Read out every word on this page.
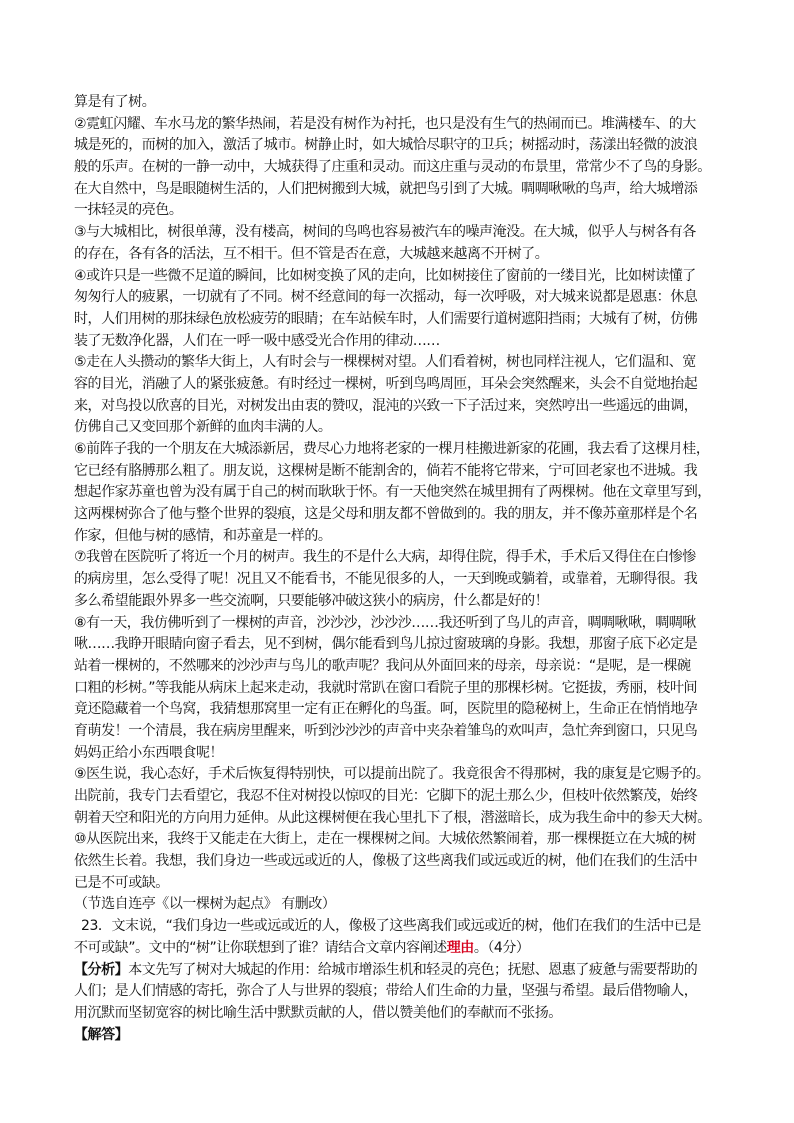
算是有了树。
②霓虹闪耀、车水马龙的繁华热闹，若是没有树作为衬托，也只是没有生气的热闹而已。堆满楼车、的大
城是死的，而树的加入，激活了城市。树静止时，如大城恰尽职守的卫兵；树摇动时，荡漾出轻微的波浪
般的乐声。在树的一静一动中，大城获得了庄重和灵动。而这庄重与灵动的布景里，常常少不了鸟的身影。
在大自然中，鸟是眼随树生活的，人们把树搬到大城，就把鸟引到了大城。啁啁啾啾的鸟声，给大城增添
一抹轻灵的亮色。
③与大城相比，树很单薄，没有楼高，树间的鸟鸣也容易被汽车的噪声淹没。在大城，似乎人与树各有各
的存在，各有各的活法，互不相干。但不管是否在意，大城越来越离不开树了。
④或许只是一些微不足道的瞬间，比如树变换了风的走向，比如树接住了窗前的一缕目光，比如树读懂了
匆匆行人的疲累，一切就有了不同。树不经意间的每一次摇动，每一次呼吸，对大城来说都是恩惠：休息
时，人们用树的那抹绿色放松疲劳的眼睛；在车站候车时，人们需要行道树遮阳挡雨；大城有了树，仿佛
装了无数净化器，人们在一呼一吸中感受光合作用的律动……
⑤走在人头攒动的繁华大街上，人有时会与一棵棵树对望。人们看着树，树也同样注视人，它们温和、宽
容的目光，消融了人的紧张疲惫。有时经过一棵树，听到鸟鸣周匝，耳朵会突然醒来，头会不自觉地抬起
来，对鸟投以欣喜的目光，对树发出由衷的赞叹，混沌的兴致一下子活过来，突然哼出一些遥远的曲调，
仿佛自己又变回那个新鲜的血肉丰满的人。
⑥前阵子我的一个朋友在大城添新居，费尽心力地将老家的一棵月桂搬进新家的花圃，我去看了这棵月桂，
它已经有胳膊那么粗了。朋友说，这棵树是断不能割舍的，倘若不能将它带来，宁可回老家也不进城。我
想起作家苏童也曾为没有属于自己的树而耿耿于怀。有一天他突然在城里拥有了两棵树。他在文章里写到，
这两棵树弥合了他与整个世界的裂痕，这是父母和朋友都不曾做到的。我的朋友，并不像苏童那样是个名
作家，但他与树的感情，和苏童是一样的。
⑦我曾在医院听了将近一个月的树声。我生的不是什么大病，却得住院，得手术，手术后又得住在白惨惨
的病房里，怎么受得了呢！况且又不能看书，不能见很多的人，一天到晚或躺着，或靠着，无聊得很。我
多么希望能跟外界多一些交流啊，只要能够冲破这狭小的病房，什么都是好的！
⑧有一天，我仿佛听到了一棵树的声音，沙沙沙，沙沙沙……我还听到了鸟儿的声音，啁啁啾啾，啁啁啾
啾……我睁开眼睛向窗子看去，见不到树，偶尔能看到鸟儿掠过窗玻璃的身影。我想，那窗子底下必定是
站着一棵树的，不然哪来的沙沙声与鸟儿的歌声呢？我问从外面回来的母亲，母亲说：“是呢，是一棵碗
口粗的杉树。”等我能从病床上起来走动，我就时常趴在窗口看院子里的那棵杉树。它挺拔，秀丽，枝叶间
竟还隐藏着一个鸟窝，我猜想那窝里一定有正在孵化的鸟蛋。呵，医院里的隐秘树上，生命正在悄悄地孕
育萌发！一个清晨，我在病房里醒来，听到沙沙沙的声音中夹杂着雏鸟的欢叫声，急忙奔到窗口，只见鸟
妈妈正给小东西喂食呢！
⑨医生说，我心态好，手术后恢复得特别快，可以提前出院了。我竟很舍不得那树，我的康复是它赐予的。
出院前，我专门去看望它，我忍不住对树投以惊叹的目光：它脚下的泥土那么少，但枝叶依然繁茂，始终
朝着天空和阳光的方向用力延伸。从此这棵树便在我心里扎下了根，潜滋暗长，成为我生命中的参天大树。
⑩从医院出来，我终于又能走在大街上，走在一棵棵树之间。大城依然繁闹着，那一棵棵挺立在大城的树
依然生长着。我想，我们身边一些或远或近的人，像极了这些离我们或远或近的树，他们在我们的生活中
已是不可或缺。
（节选自连亭《以一棵树为起点》 有删改）
23．文末说，“我们身边一些或远或近的人，像极了这些离我们或远或近的树，他们在我们的生活中已是
不可或缺”。文中的“树”让你联想到了谁？请结合文章内容阐述理由。（4分）
【分析】本文先写了树对大城起的作用：给城市增添生机和轻灵的亮色；抚慰、恩惠了疲惫与需要帮助的
人们；是人们情感的寄托，弥合了人与世界的裂痕；带给人们生命的力量，坚强与希望。最后借物喻人，
用沉默而坚韧宽容的树比喻生活中默默贡献的人，借以赞美他们的奉献而不张扬。
【解答】
